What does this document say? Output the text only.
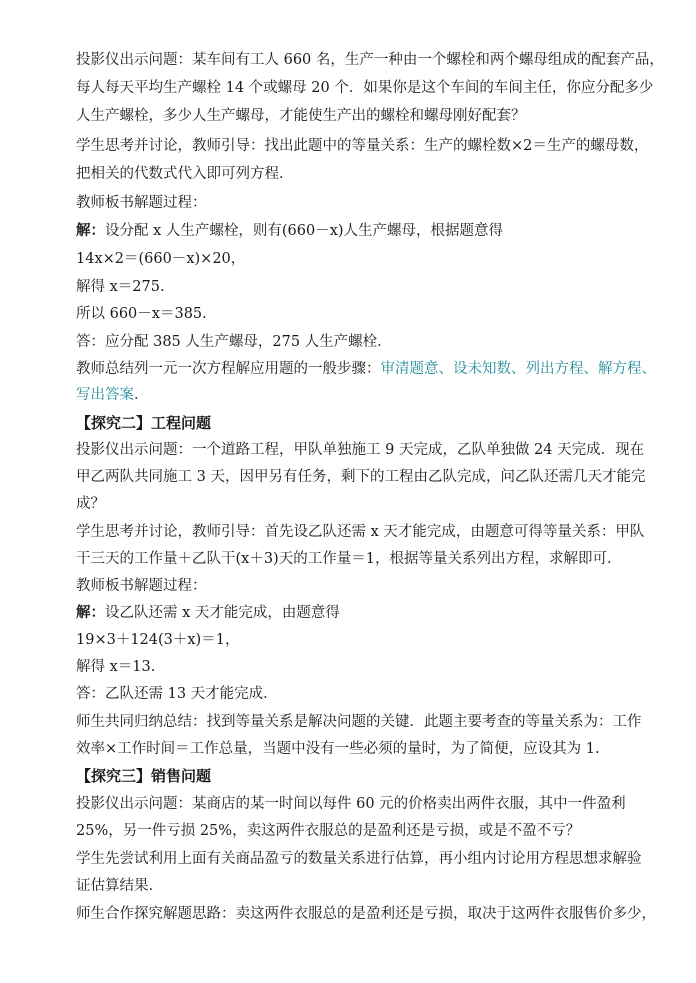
投影仪出示问题：某车间有工人 660 名，生产一种由一个螺栓和两个螺母组成的配套产品，
每人每天平均生产螺栓 14 个或螺母 20 个．如果你是这个车间的车间主任，你应分配多少
人生产螺栓，多少人生产螺母，才能使生产出的螺栓和螺母刚好配套？
学生思考并讨论，教师引导：找出此题中的等量关系：生产的螺栓数×2＝生产的螺母数，
把相关的代数式代入即可列方程．
教师板书解题过程：
解：设分配 x 人生产螺栓，则有(660－x)人生产螺母，根据题意得
14x×2＝(660－x)×20，
解得 x＝275.
所以 660－x＝385.
答：应分配 385 人生产螺母，275 人生产螺栓．
教师总结列一元一次方程解应用题的一般步骤：审清题意、设未知数、列出方程、解方程、
写出答案．
【探究二】工程问题
投影仪出示问题：一个道路工程，甲队单独施工 9 天完成，乙队单独做 24 天完成．现在
甲乙两队共同施工 3 天，因甲另有任务，剩下的工程由乙队完成，问乙队还需几天才能完
成？
学生思考并讨论，教师引导：首先设乙队还需 x 天才能完成，由题意可得等量关系：甲队
干三天的工作量＋乙队干(x＋3)天的工作量＝1，根据等量关系列出方程，求解即可．
教师板书解题过程：
解：设乙队还需 x 天才能完成，由题意得
19×3＋124(3＋x)＝1，
解得 x＝13.
答：乙队还需 13 天才能完成．
师生共同归纳总结：找到等量关系是解决问题的关键．此题主要考查的等量关系为：工作
效率×工作时间＝工作总量，当题中没有一些必须的量时，为了简便，应设其为 1.
【探究三】销售问题
投影仪出示问题：某商店的某一时间以每件 60 元的价格卖出两件衣服，其中一件盈利
25%，另一件亏损 25%，卖这两件衣服总的是盈利还是亏损，或是不盈不亏？
学生先尝试利用上面有关商品盈亏的数量关系进行估算，再小组内讨论用方程思想求解验
证估算结果.
师生合作探究解题思路：卖这两件衣服总的是盈利还是亏损，取决于这两件衣服售价多少，
